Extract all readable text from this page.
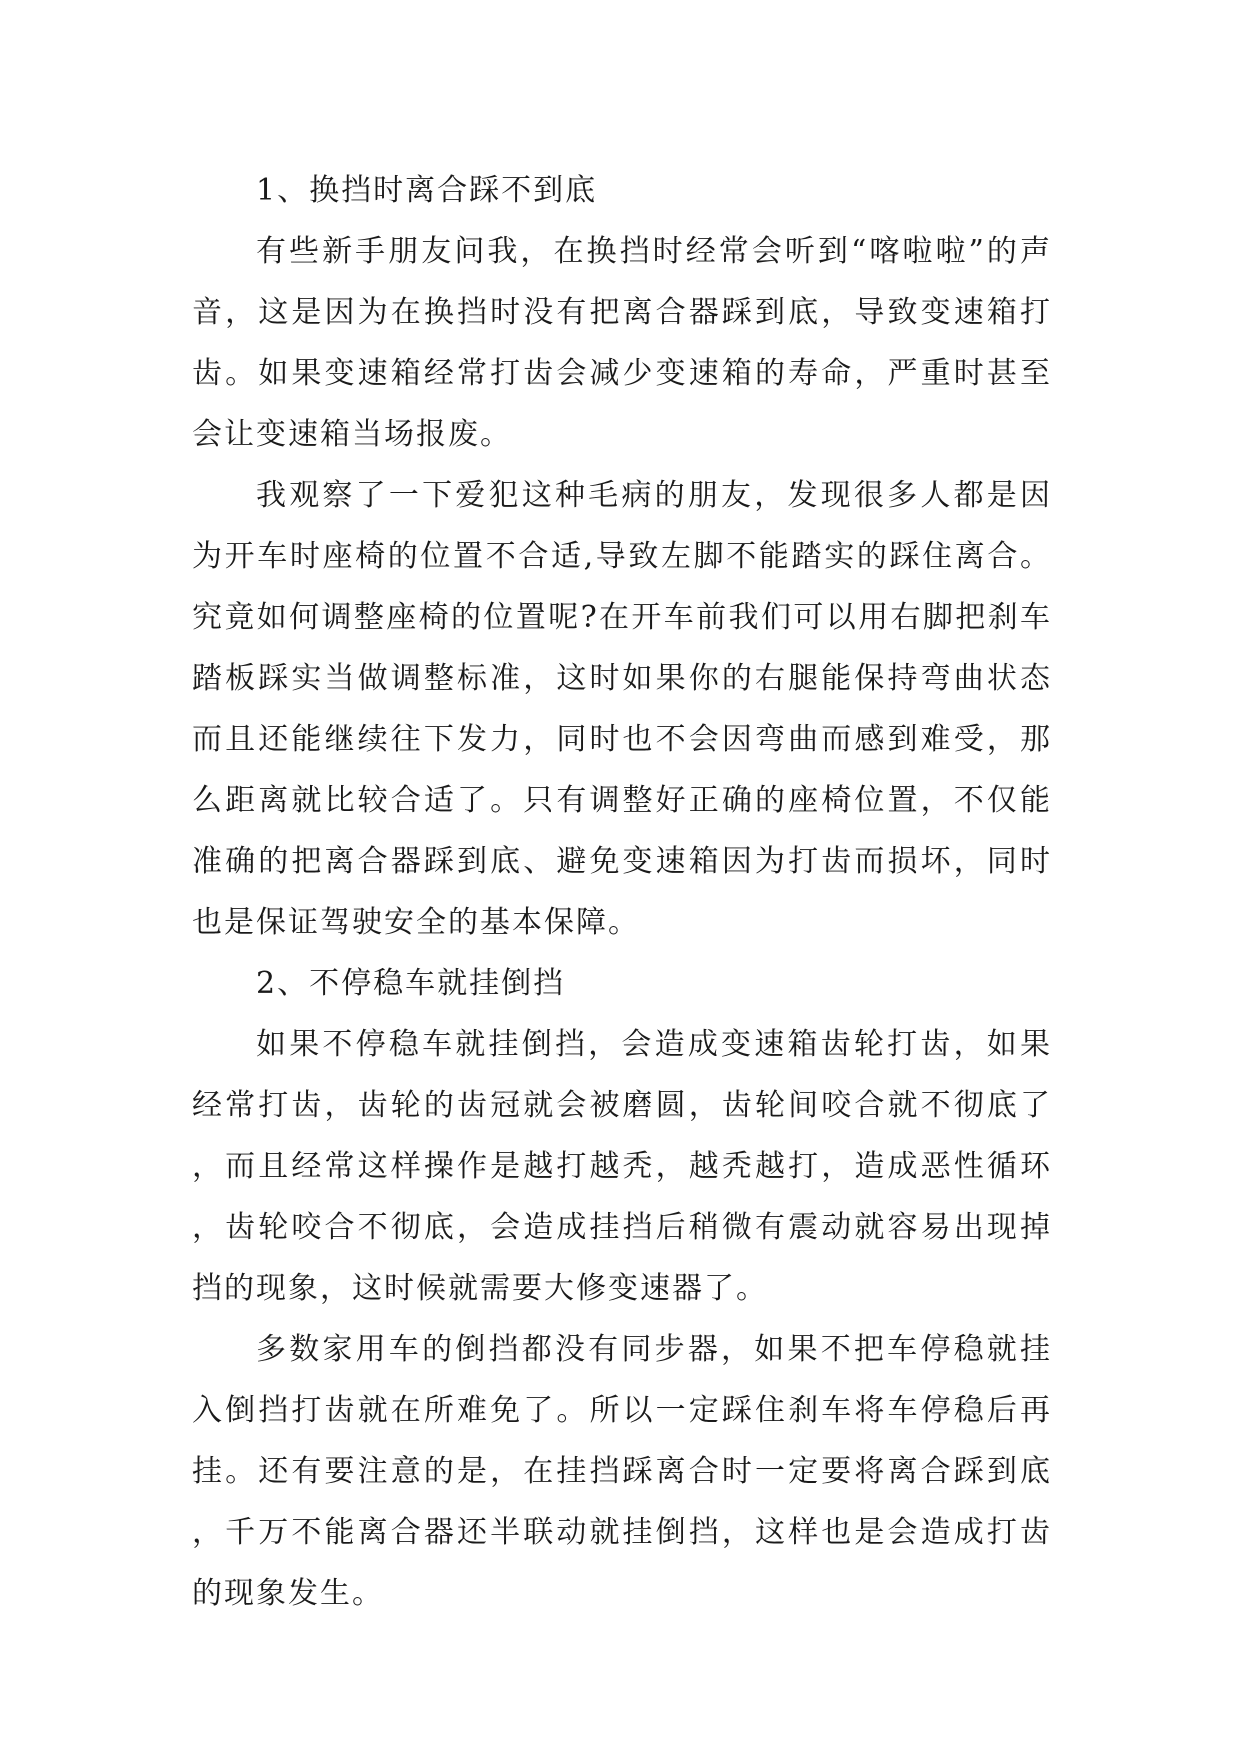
1、换挡时离合踩不到底

有些新手朋友问我，在换挡时经常会听到“喀啦啦”的声音，这是因为在换挡时没有把离合器踩到底，导致变速箱打齿。如果变速箱经常打齿会减少变速箱的寿命，严重时甚至会让变速箱当场报废。

我观察了一下爱犯这种毛病的朋友，发现很多人都是因为开车时座椅的位置不合适,导致左脚不能踏实的踩住离合。究竟如何调整座椅的位置呢?在开车前我们可以用右脚把刹车踏板踩实当做调整标准，这时如果你的右腿能保持弯曲状态而且还能继续往下发力，同时也不会因弯曲而感到难受，那么距离就比较合适了。只有调整好正确的座椅位置，不仅能准确的把离合器踩到底、避免变速箱因为打齿而损坏，同时也是保证驾驶安全的基本保障。

2、不停稳车就挂倒挡

如果不停稳车就挂倒挡，会造成变速箱齿轮打齿，如果经常打齿，齿轮的齿冠就会被磨圆，齿轮间咬合就不彻底了，而且经常这样操作是越打越秃，越秃越打，造成恶性循环，齿轮咬合不彻底，会造成挂挡后稍微有震动就容易出现掉挡的现象，这时候就需要大修变速器了。

多数家用车的倒挡都没有同步器，如果不把车停稳就挂入倒挡打齿就在所难免了。所以一定踩住刹车将车停稳后再挂。还有要注意的是，在挂挡踩离合时一定要将离合踩到底，千万不能离合器还半联动就挂倒挡，这样也是会造成打齿的现象发生。
